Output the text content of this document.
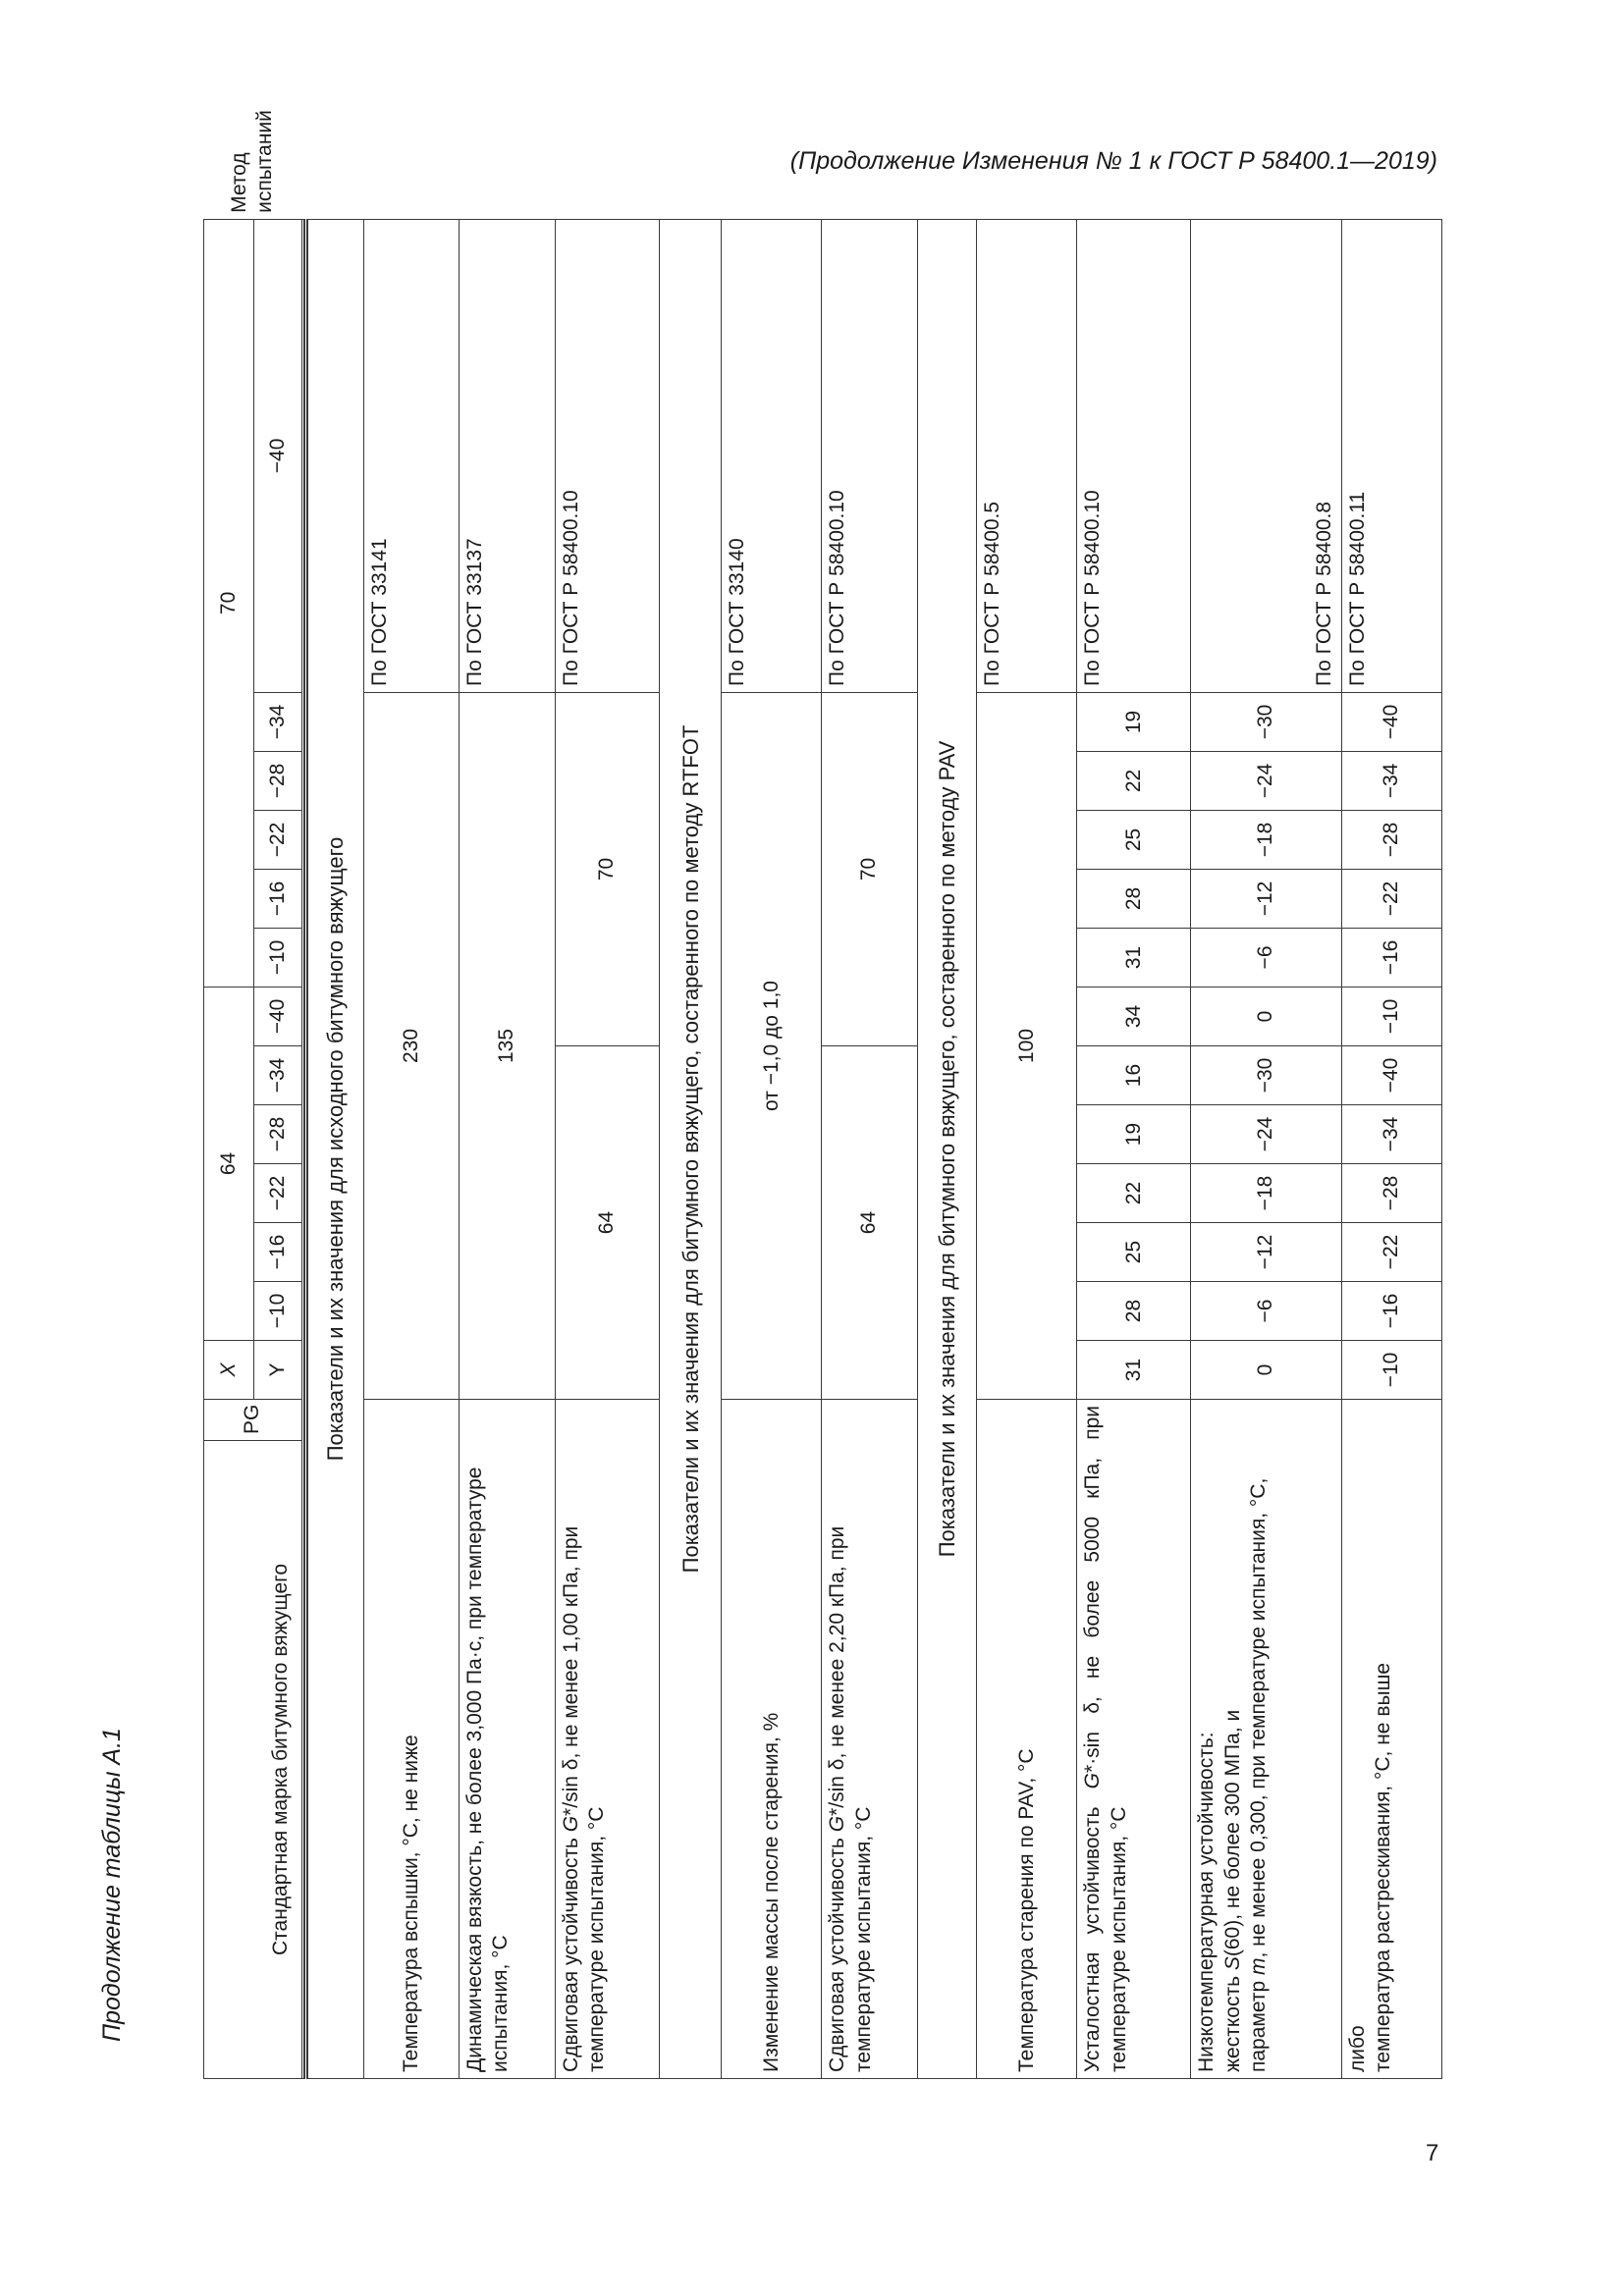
(Продолжение Изменения № 1 к ГОСТ Р 58400.1—2019)
Продолжение таблицы А.1
7
Стандартная марка битумного вяжущего	PG	X	64						70						Метод испытаний
		Y	−10	−16	−22	−28	−34	−40	−10	−16	−22	−28	−34	−40	

Показатели и их значения для исходного битумного вяжущего															
Температура вспышки, °C, не ниже		230												По ГОСТ 33141	
Динамическая вязкость, не более 3,000 Па·с, при температуре испытания, °С		135												По ГОСТ 33137	
Сдвиговая устойчивость G*/sin δ, не менее 1,00 кПа, при температуре испытания, °С		64						70						По ГОСТ Р 58400.10	
Показатели и их значения для битумного вяжущего, состаренного по методу RTFOT															
Изменение массы после старения, %		от −1,0 до 1,0												По ГОСТ 33140	
Сдвиговая устойчивость G*/sin δ, не менее 2,20 кПа, при температуре испытания, °С		64						70						По ГОСТ Р 58400.10	
Показатели и их значения для битумного вяжущего, состаренного по методу PAV															
Температура старения по PAV, °С		100												По ГОСТ Р 58400.5	
Усталостная устойчивость G*·sin δ, не более 5000 кПа, при температуре испытания, °С		31	28	25	22	19	16	34	31	28	25	22	19	По ГОСТ Р 58400.10	

Низкотемпературная устойчивость: жесткость S(60), не более 300 МПа, и
параметр m, не менее 0,300, при температуре испытания, °С,		0	−6	−12	−18	−24	−30	0	−6	−12	−18	−24	−30	По ГОСТ Р 58400.8	

либо температура растрескивания, °С, не выше		−10	−16	−22	−28	−34	−40	−10	−16	−22	−28	−34	−40	По ГОСТ Р 58400.11	
